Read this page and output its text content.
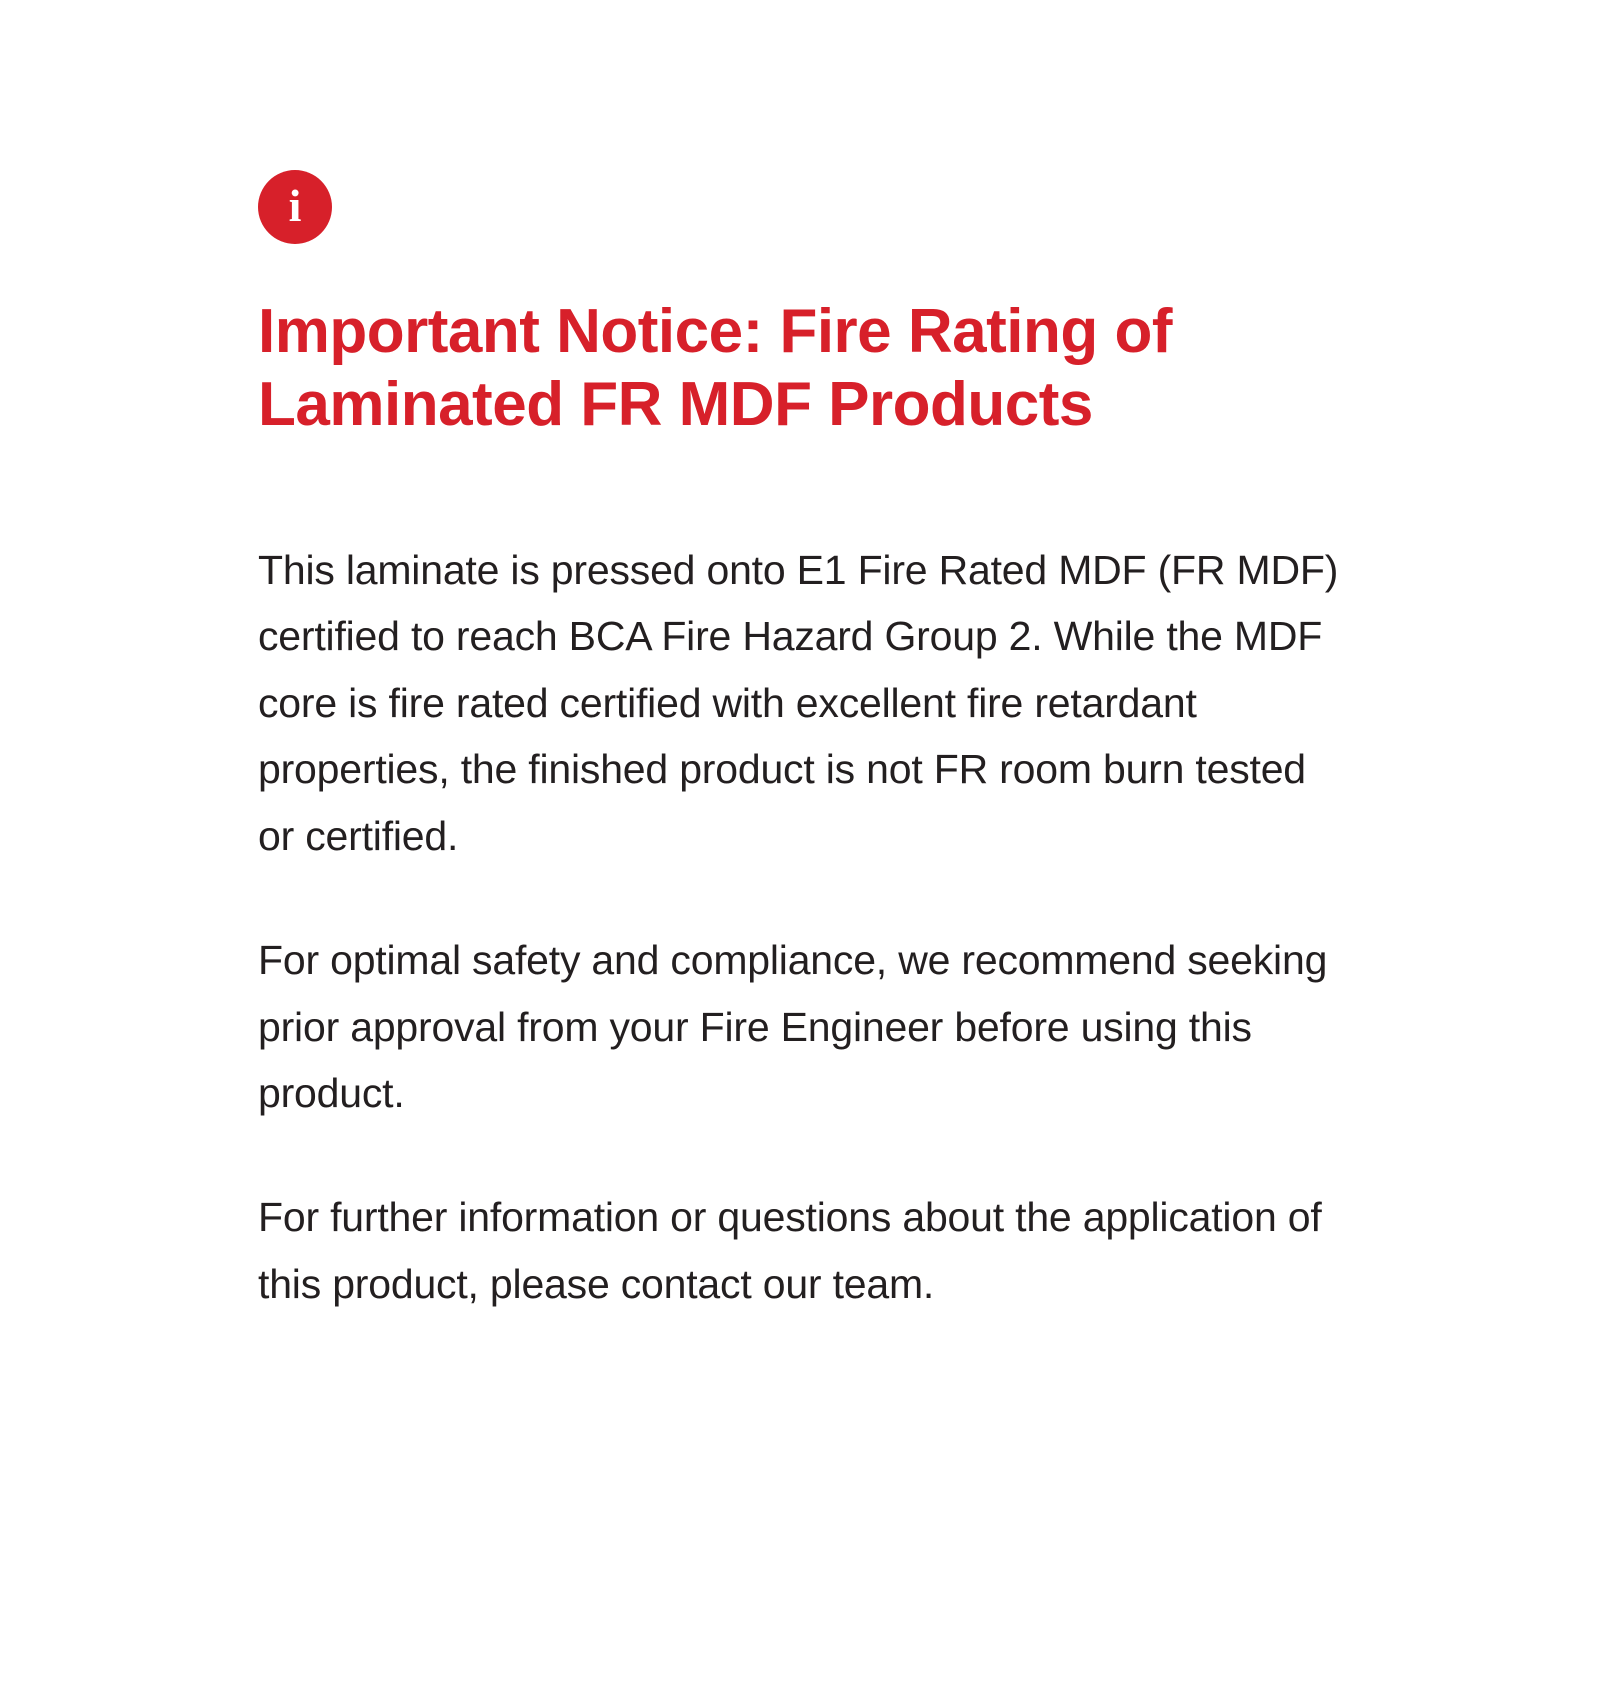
i
Important Notice: Fire Rating of Laminated FR MDF Products

This laminate is pressed onto E1 Fire Rated MDF (FR MDF) certified to reach BCA Fire Hazard Group 2. While the MDF core is fire rated certified with excellent fire retardant properties, the finished product is not FR room burn tested or certified.

For optimal safety and compliance, we recommend seeking prior approval from your Fire Engineer before using this product.

For further information or questions about the application of this product, please contact our team.
